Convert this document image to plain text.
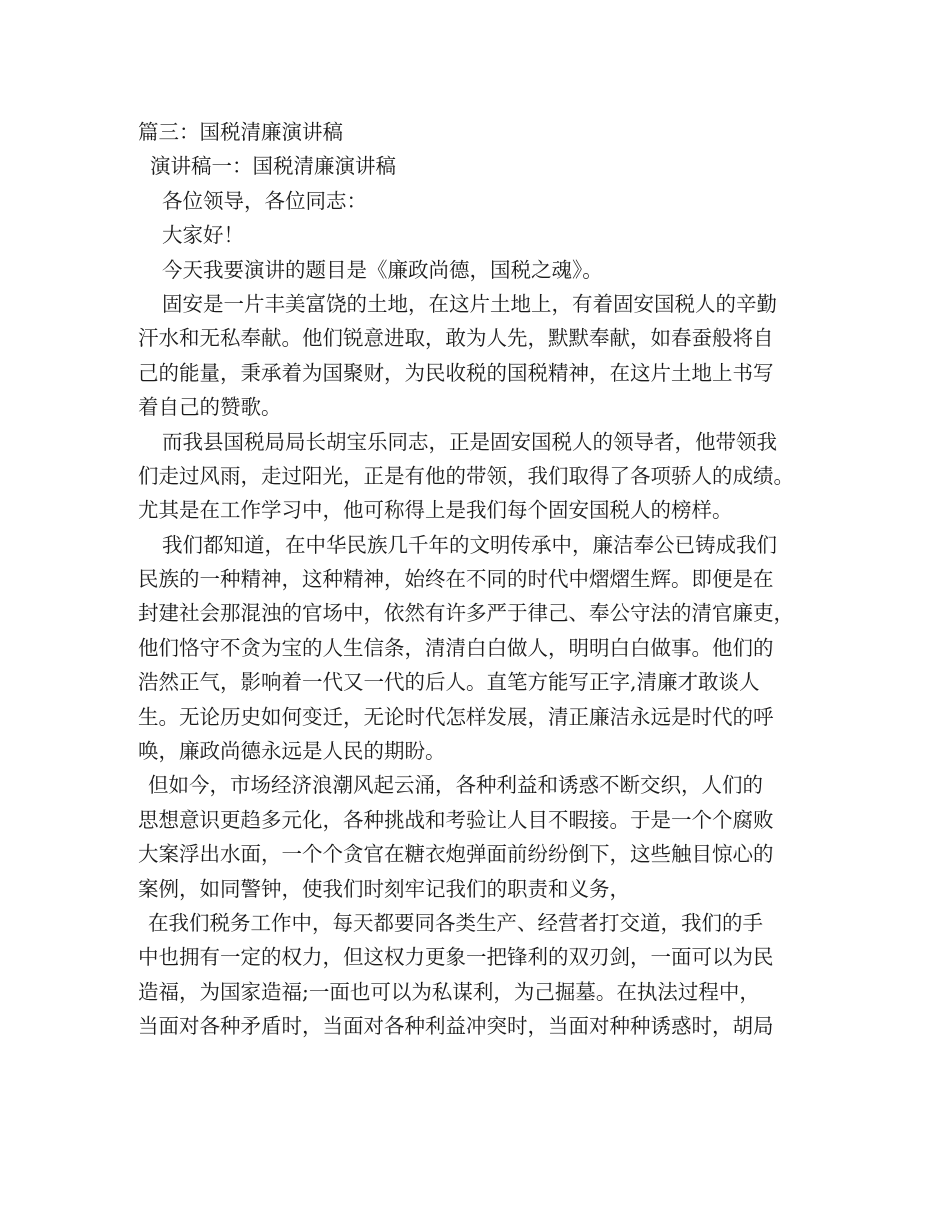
篇三：国税清廉演讲稿
演讲稿一：国税清廉演讲稿
各位领导，各位同志：
大家好！
今天我要演讲的题目是《廉政尚德，国税之魂》。
固安是一片丰美富饶的土地，在这片土地上，有着固安国税人的辛勤
汗水和无私奉献。他们锐意进取，敢为人先，默默奉献，如春蚕般将自
己的能量，秉承着为国聚财，为民收税的国税精神，在这片土地上书写
着自己的赞歌。
而我县国税局局长胡宝乐同志，正是固安国税人的领导者，他带领我
们走过风雨，走过阳光，正是有他的带领，我们取得了各项骄人的成绩。
尤其是在工作学习中，他可称得上是我们每个固安国税人的榜样。
我们都知道，在中华民族几千年的文明传承中，廉洁奉公已铸成我们
民族的一种精神，这种精神，始终在不同的时代中熠熠生辉。即便是在
封建社会那混浊的官场中，依然有许多严于律己、奉公守法的清官廉吏，
他们恪守不贪为宝的人生信条，清清白白做人，明明白白做事。他们的
浩然正气，影响着一代又一代的后人。直笔方能写正字,清廉才敢谈人
生。无论历史如何变迁，无论时代怎样发展，清正廉洁永远是时代的呼
唤，廉政尚德永远是人民的期盼。
但如今，市场经济浪潮风起云涌，各种利益和诱惑不断交织，人们的
思想意识更趋多元化，各种挑战和考验让人目不暇接。于是一个个腐败
大案浮出水面，一个个贪官在糖衣炮弹面前纷纷倒下，这些触目惊心的
案例，如同警钟，使我们时刻牢记我们的职责和义务，
在我们税务工作中，每天都要同各类生产、经营者打交道，我们的手
中也拥有一定的权力，但这权力更象一把锋利的双刃剑，一面可以为民
造福，为国家造福;一面也可以为私谋利，为己掘墓。在执法过程中，
当面对各种矛盾时，当面对各种利益冲突时，当面对种种诱惑时，胡局
